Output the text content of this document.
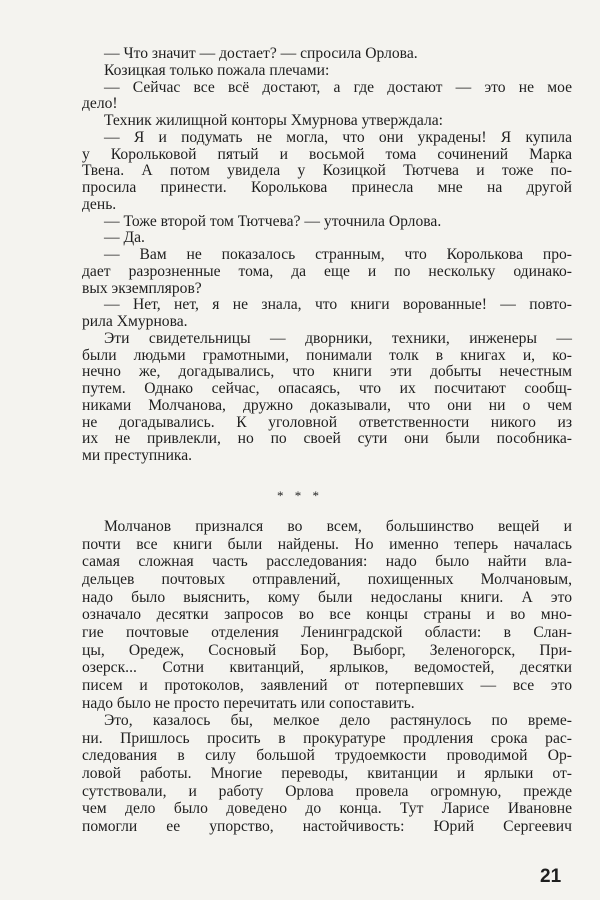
— Что значит — достает? — спросила Орлова.
Козицкая только пожала плечами:
— Сейчас все всё достают, а где достают — это не мое
дело!
Техник жилищной конторы Хмурнова утверждала:
— Я и подумать не могла, что они украдены! Я купила
у Корольковой пятый и восьмой тома сочинений Марка
Твена. А потом увидела у Козицкой Тютчева и тоже по-
просила принести. Королькова принесла мне на другой
день.
— Тоже второй том Тютчева? — уточнила Орлова.
— Да.
— Вам не показалось странным, что Королькова про-
дает разрозненные тома, да еще и по нескольку одинако-
вых экземпляров?
— Нет, нет, я не знала, что книги ворованные! — повто-
рила Хмурнова.
Эти свидетельницы — дворники, техники, инженеры —
были людьми грамотными, понимали толк в книгах и, ко-
нечно же, догадывались, что книги эти добыты нечестным
путем. Однако сейчас, опасаясь, что их посчитают сообщ-
никами Молчанова, дружно доказывали, что они ни о чем
не догадывались. К уголовной ответственности никого из
их не привлекли, но по своей сути они были пособника-
ми преступника.
Молчанов признался во всем, большинство вещей и
почти все книги были найдены. Но именно теперь началась
самая сложная часть расследования: надо было найти вла-
дельцев почтовых отправлений, похищенных Молчановым,
надо было выяснить, кому были недосланы книги. А это
означало десятки запросов во все концы страны и во мно-
гие почтовые отделения Ленинградской области: в Слан-
цы, Оредеж, Сосновый Бор, Выборг, Зеленогорск, При-
озерск... Сотни квитанций, ярлыков, ведомостей, десятки
писем и протоколов, заявлений от потерпевших — все это
надо было не просто перечитать или сопоставить.
Это, казалось бы, мелкое дело растянулось по време-
ни. Пришлось просить в прокуратуре продления срока рас-
следования в силу большой трудоемкости проводимой Ор-
ловой работы. Многие переводы, квитанции и ярлыки от-
сутствовали, и работу Орлова провела огромную, прежде
чем дело было доведено до конца. Тут Ларисе Ивановне
помогли ее упорство, настойчивость: Юрий Сергеевич
* * *
21
